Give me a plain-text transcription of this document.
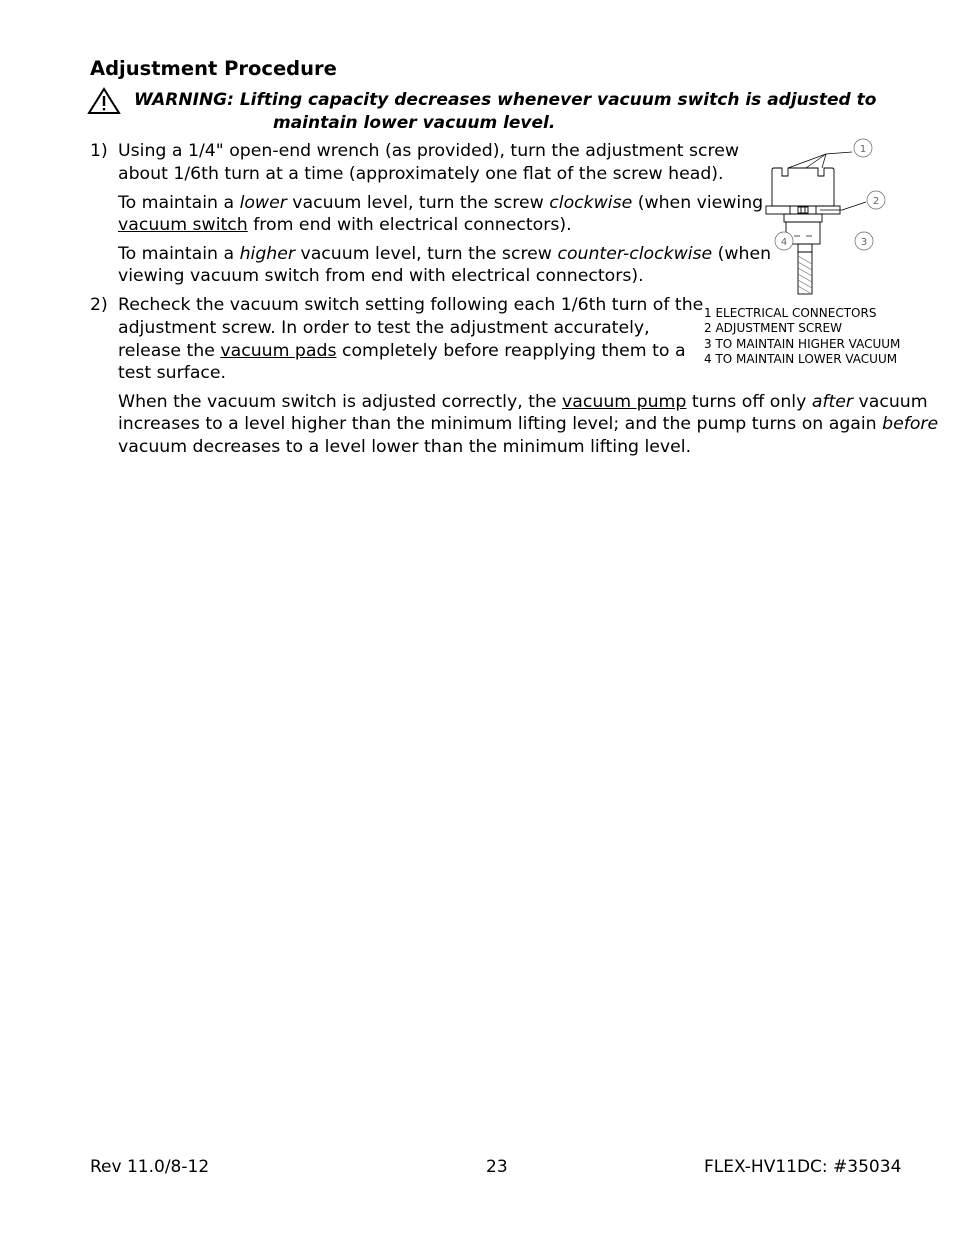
Adjustment Procedure
WARNING: Lifting capacity decreases whenever vacuum switch is adjusted to
maintain lower vacuum level.
1) Using a 1/4" open-end wrench (as provided), turn the adjustment screw
about 1/6th turn at a time (approximately one flat of the screw head).
To maintain a lower vacuum level, turn the screw clockwise (when viewing
vacuum switch from end with electrical connectors).
To maintain a higher vacuum level, turn the screw counter-clockwise (when
viewing vacuum switch from end with electrical connectors).
2) Recheck the vacuum switch setting following each 1/6th turn of the
adjustment screw. In order to test the adjustment accurately,
release the vacuum pads completely before reapplying them to a
test surface.
When the vacuum switch is adjusted correctly, the vacuum pump turns off only after vacuum
increases to a level higher than the minimum lifting level; and the pump turns on again before
vacuum decreases to a level lower than the minimum lifting level.
1
2
3
4
1 ELECTRICAL CONNECTORS
2 ADJUSTMENT SCREW
3 TO MAINTAIN HIGHER VACUUM
4 TO MAINTAIN LOWER VACUUM
Rev 11.0/8-12	23	FLEX-HV11DC: #35034
